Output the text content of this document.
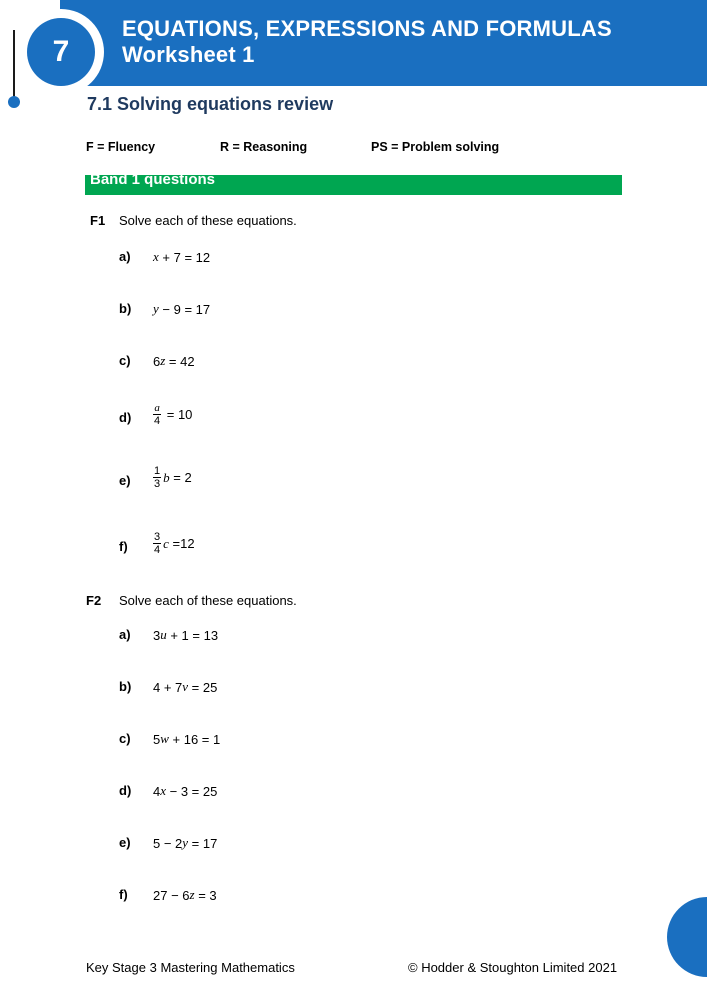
7
EQUATIONS, EXPRESSIONS AND FORMULAS
Worksheet 1
7.1 Solving equations review
F = Fluency	R = Reasoning	PS = Problem solving
Band 1 questions
F1 Solve each of these equations.
a) x + 7 = 12
b) y − 9 = 17
c) 6 z = 42
$d) \frac{a}{4} = 10$
$e) \frac{1}{3}$ b = 2
$f) \frac{3}{4}$ c =12
F2 Solve each of these equations.
a) 3 u + 1 = 13
b) 4 + 7 v = 25
c) 5 w + 16 = 1
d) 4 x − 3 = 25
e) 5 − 2 y = 17
f) 27 − 6 z = 3
Key Stage 3 Mastering Mathematics	© Hodder & Stoughton Limited 2021
